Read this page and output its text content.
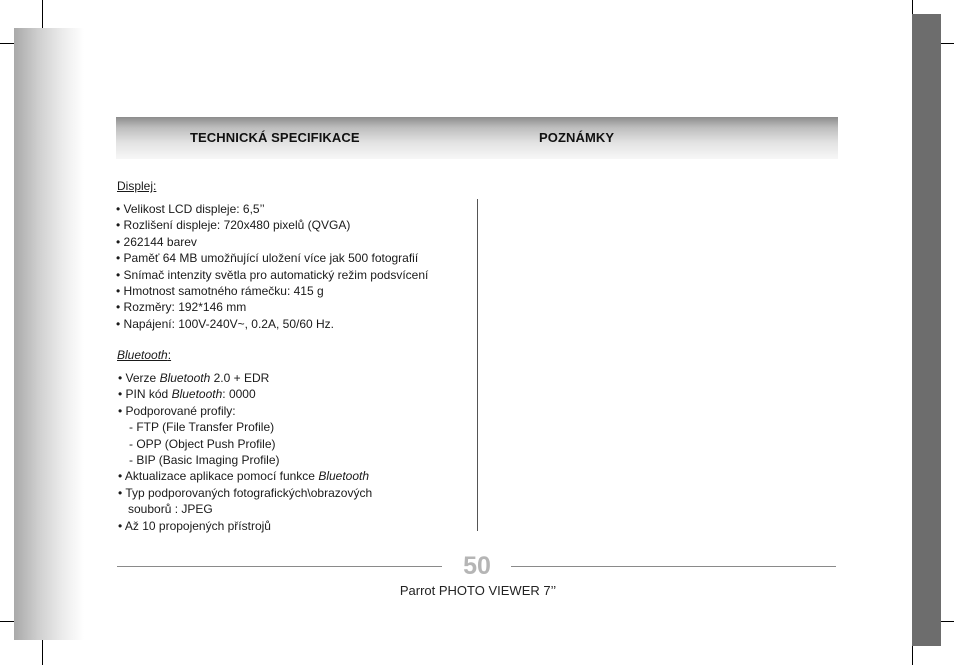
TECHNICKÁ SPECIFIKACE	POZNÁMKY
Displej:
• Velikost LCD displeje: 6,5’’
• Rozlišení displeje: 720x480 pixelů (QVGA)
• 262144 barev
• Paměť 64 MB umožňující uložení více jak 500 fotografií
• Snímač intenzity světla pro automatický režim podsvícení
• Hmotnost samotného rámečku: 415 g
• Rozměry: 192*146 mm
• Napájení: 100V-240V~, 0.2A, 50/60 Hz.
Bluetooth:
• Verze Bluetooth 2.0 + EDR
• PIN kód Bluetooth: 0000
• Podporované profily:
- FTP (File Transfer Profile)
- OPP (Object Push Profile)
- BIP (Basic Imaging Profile)
• Aktualizace aplikace pomocí funkce Bluetooth
• Typ podporovaných fotografických\obrazových
souborů : JPEG
• Až 10 propojených přístrojů
50
Parrot PHOTO VIEWER 7’’
